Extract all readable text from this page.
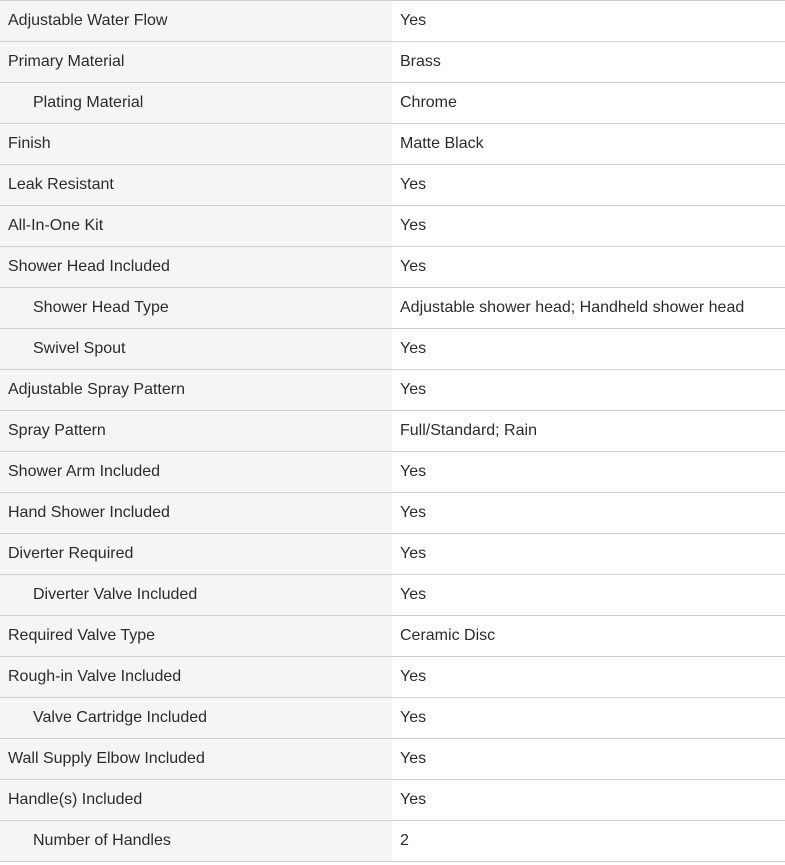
Adjustable Water Flow	Yes
Primary Material	Brass
Plating Material	Chrome
Finish	Matte Black
Leak Resistant	Yes
All-In-One Kit	Yes
Shower Head Included	Yes
Shower Head Type	Adjustable shower head; Handheld shower head
Swivel Spout	Yes
Adjustable Spray Pattern	Yes
Spray Pattern	Full/Standard; Rain
Shower Arm Included	Yes
Hand Shower Included	Yes
Diverter Required	Yes
Diverter Valve Included	Yes
Required Valve Type	Ceramic Disc
Rough-in Valve Included	Yes
Valve Cartridge Included	Yes
Wall Supply Elbow Included	Yes
Handle(s) Included	Yes
Number of Handles	2
